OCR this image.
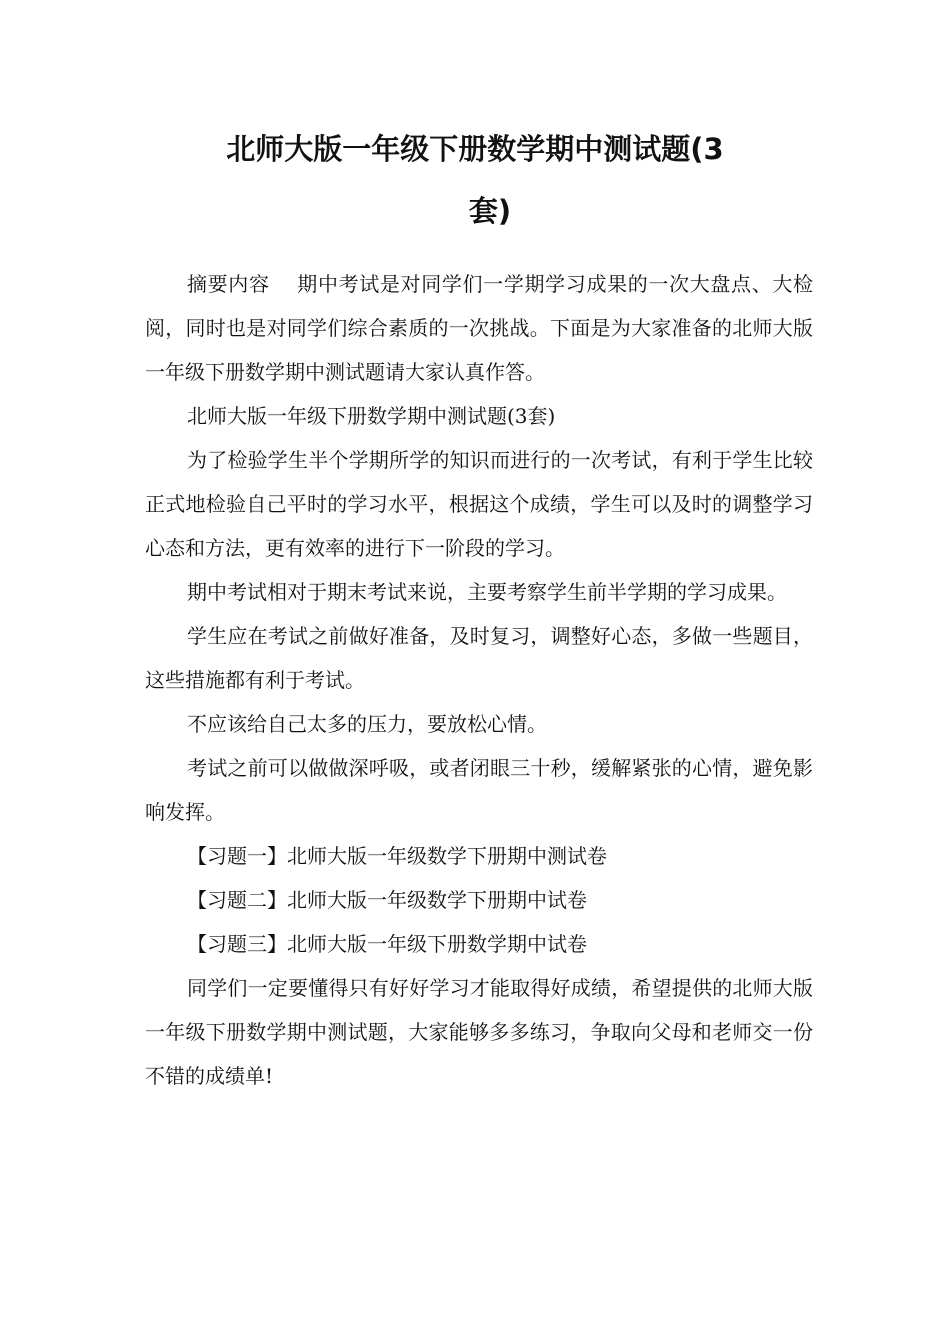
北师大版一年级下册数学期中测试题(3
套)

摘要内容　 期中考试是对同学们一学期学习成果的一次大盘点、大检阅，同时也是对同学们综合素质的一次挑战。下面是为大家准备的北师大版一年级下册数学期中测试题请大家认真作答。

北师大版一年级下册数学期中测试题(3套)

为了检验学生半个学期所学的知识而进行的一次考试，有利于学生比较正式地检验自己平时的学习水平，根据这个成绩，学生可以及时的调整学习心态和方法，更有效率的进行下一阶段的学习。

期中考试相对于期末考试来说，主要考察学生前半学期的学习成果。

学生应在考试之前做好准备，及时复习，调整好心态，多做一些题目，这些措施都有利于考试。

不应该给自己太多的压力，要放松心情。

考试之前可以做做深呼吸，或者闭眼三十秒，缓解紧张的心情，避免影响发挥。

【习题一】北师大版一年级数学下册期中测试卷

【习题二】北师大版一年级数学下册期中试卷

【习题三】北师大版一年级下册数学期中试卷

同学们一定要懂得只有好好学习才能取得好成绩，希望提供的北师大版一年级下册数学期中测试题，大家能够多多练习，争取向父母和老师交一份不错的成绩单!
